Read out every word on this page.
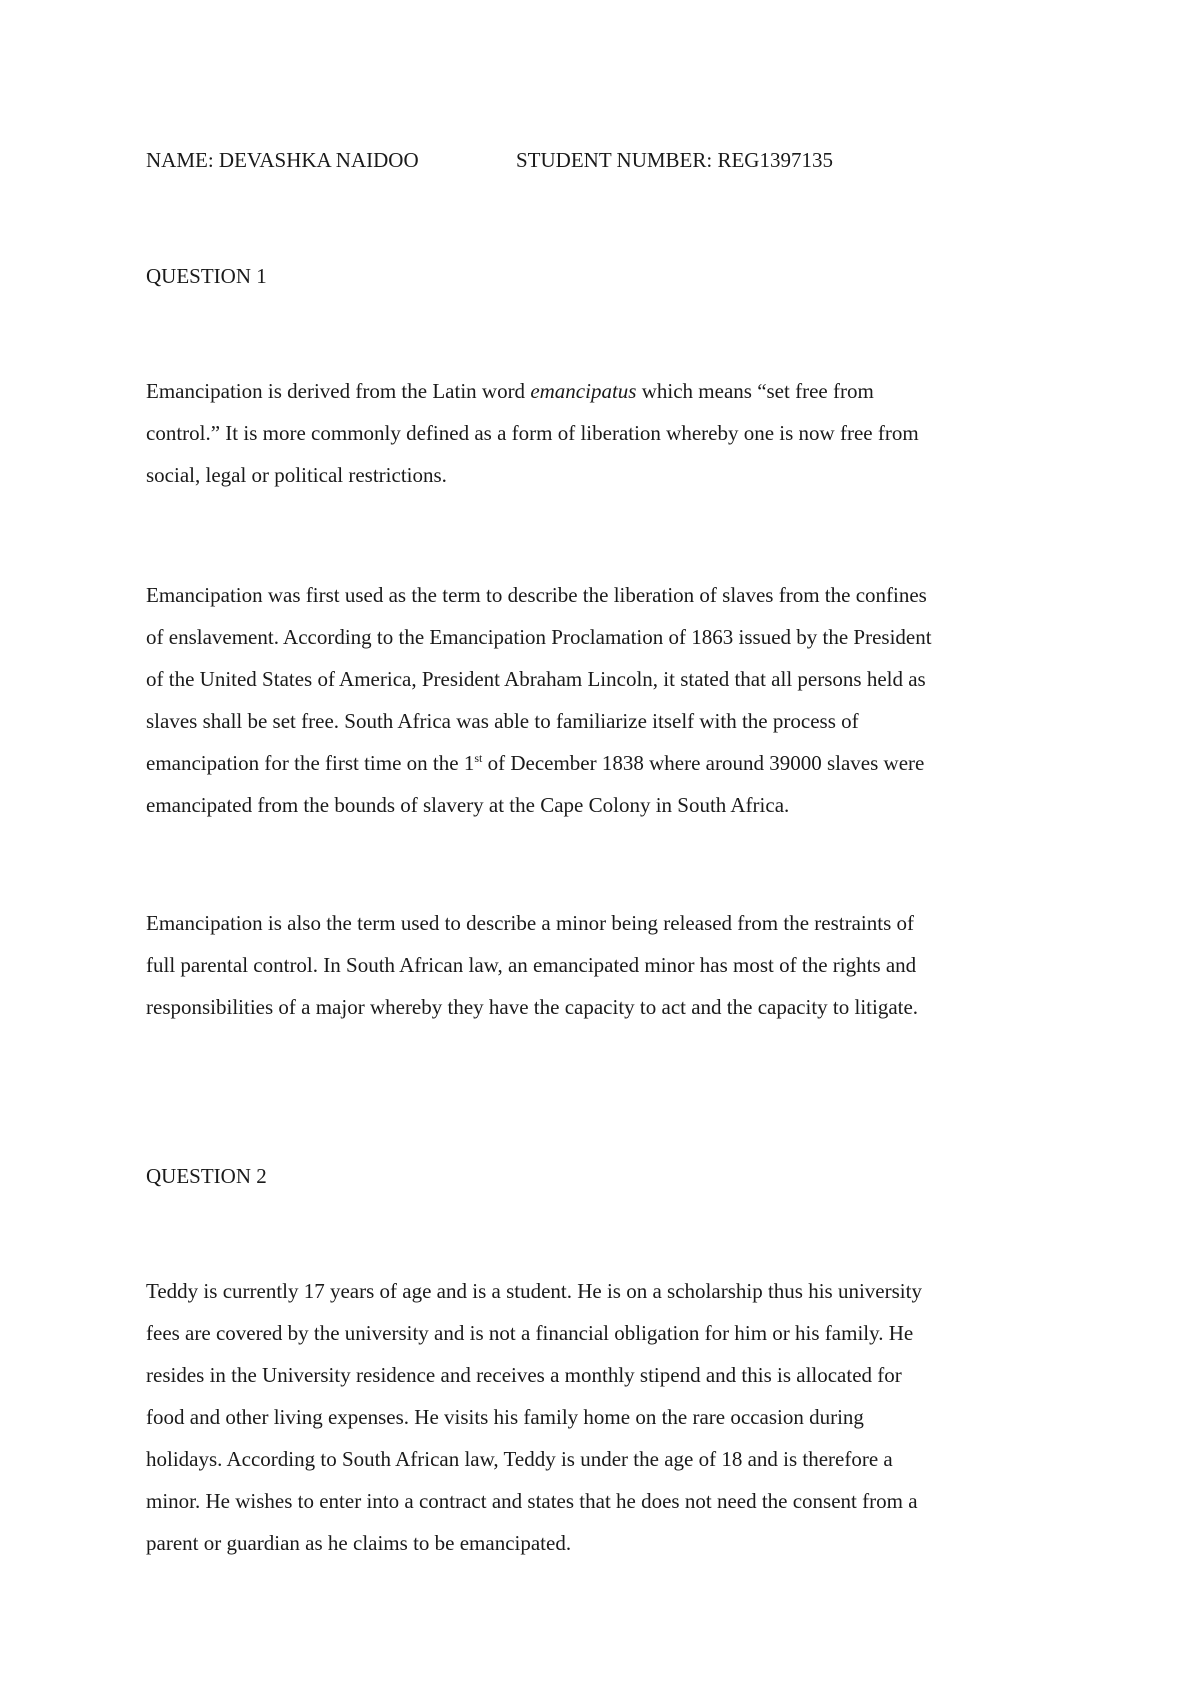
NAME: DEVASHKA NAIDOO	STUDENT NUMBER: REG1397135
QUESTION 1

Emancipation is derived from the Latin word emancipatus which means “set free from
control.” It is more commonly defined as a form of liberation whereby one is now free from
social, legal or political restrictions.

Emancipation was first used as the term to describe the liberation of slaves from the confines
of enslavement. According to the Emancipation Proclamation of 1863 issued by the President
of the United States of America, President Abraham Lincoln, it stated that all persons held as
slaves shall be set free. South Africa was able to familiarize itself with the process of
emancipation for the first time on the 1st of December 1838 where around 39000 slaves were
emancipated from the bounds of slavery at the Cape Colony in South Africa.

Emancipation is also the term used to describe a minor being released from the restraints of
full parental control. In South African law, an emancipated minor has most of the rights and
responsibilities of a major whereby they have the capacity to act and the capacity to litigate.

QUESTION 2

Teddy is currently 17 years of age and is a student. He is on a scholarship thus his university
fees are covered by the university and is not a financial obligation for him or his family. He
resides in the University residence and receives a monthly stipend and this is allocated for
food and other living expenses. He visits his family home on the rare occasion during
holidays. According to South African law, Teddy is under the age of 18 and is therefore a
minor. He wishes to enter into a contract and states that he does not need the consent from a
parent or guardian as he claims to be emancipated.
